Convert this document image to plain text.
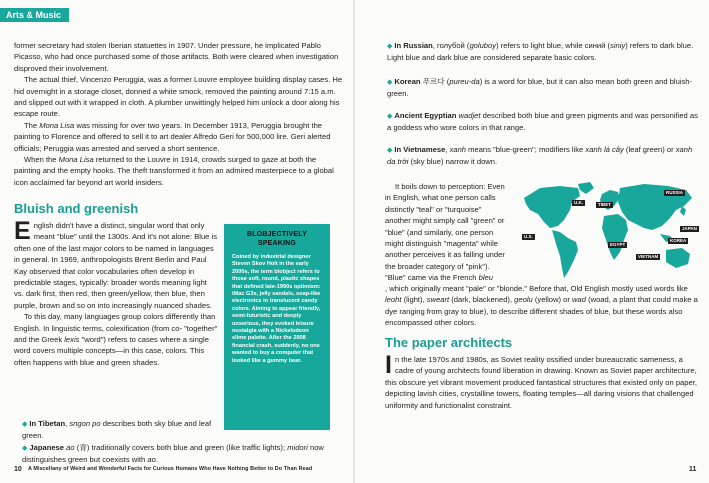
Arts & Music

former secretary had stolen Iberian statuettes in 1907. Under pressure, he implicated Pablo Picasso, who had once purchased some of those artifacts. Both were cleared when investigation disproved their involvement.

The actual thief, Vincenzo Peruggia, was a former Louvre employee building display cases. He hid overnight in a storage closet, donned a white smock, removed the painting around 7:15 a.m. and slipped out with it wrapped in cloth. A plumber unwittingly helped him unlock a door along his escape route.

The Mona Lisa was missing for over two years. In December 1913, Peruggia brought the painting to Florence and offered to sell it to art dealer Alfredo Geri for 500,000 lire. Geri alerted officials; Peruggia was arrested and served a short sentence.

When the Mona Lisa returned to the Louvre in 1914, crowds surged to gaze at both the painting and the empty hooks. The theft transformed it from an admired masterpiece to a global icon acclaimed far beyond art world insiders.

Bluish and greenish

English didn't have a distinct, singular word that only meant "blue" until the 1300s. And it's not alone: Blue is often one of the last major colors to be named in languages in general. In 1969, anthropologists Brent Berlin and Paul Kay observed that color vocabularies often develop in predictable stages, typically: broader words meaning light vs. dark first, then red, then green/yellow, then blue, then purple, brown and so on into increasingly nuanced shades.

To this day, many languages group colors differently than English. In linguistic terms, colexification (from co- "together" and the Greek lexis "word") refers to cases where a single word covers multiple concepts—in this case, colors. This often happens with blue and green shades.

◆ In Tibetan, sngon po describes both sky blue and leaf green.
◆ Japanese ao (青) traditionally covers both blue and green (like traffic lights); midori now distinguishes green but coexists with ao.
BLOBJECTIVELY SPEAKING
Coined by industrial designer Steven Skov Holt in the early 2000s, the term blobject refers to those soft, round, plastic shapes that defined late-1990s optimism: iMac G3s, jelly sandals, soap-like electronics in translucent candy colors. Aiming to appear friendly, semi-futuristic and deeply unserious, they evoked leisure nostalgia with a Nickelodeon slime palette. After the 2008 financial crash, suddenly, no one wanted to buy a computer that looked like a gummy bear.
10 A Miscellany of Weird and Wonderful Facts for Curious Humans Who Have Nothing Better to Do Than Read
◆ In Russian, голубой (goluboy) refers to light blue, while синий (siniy) refers to dark blue. Light blue and dark blue are considered separate basic colors.
◆ Korean 푸르다 (pureu-da) is a word for blue, but it can also mean both green and bluish-green.
◆ Ancient Egyptian wadjet described both blue and green pigments and was personified as a goddess who wore colors in that range.
◆ In Vietnamese, xanh means "blue-green"; modifiers like xanh lá cây (leaf green) or xanh da trời (sky blue) narrow it down.

It boils down to perception: Even in English, what one person calls distinctly "teal" or "turquoise" another might simply call "green" or "blue" (and similarly, one person might distinguish "magenta" while another perceives it as falling under the broader category of "pink"). "Blue" came via the French bleu

, which originally meant "pale" or "blonde." Before that, Old English mostly used words like leoht (light), sweart (dark, blackened), geolu (yellow) or wad (woad, a plant that could make a dye ranging from gray to blue), to describe different shades of blue, but these words also encompassed other colors.

The paper architects

In the late 1970s and 1980s, as Soviet reality ossified under bureaucratic sameness, a cadre of young architects found liberation in drawing. Known as Soviet paper architecture, this obscure yet vibrant movement produced fantastical structures that existed only on paper, depicting lavish cities, crystalline towers, floating temples—all daring visions that challenged uniformity and functionalist constraint.

11
U.K.	TIBET
RUSSIA
U.S.
JAPAN
KOREA
EGYPT
VIETNAM
